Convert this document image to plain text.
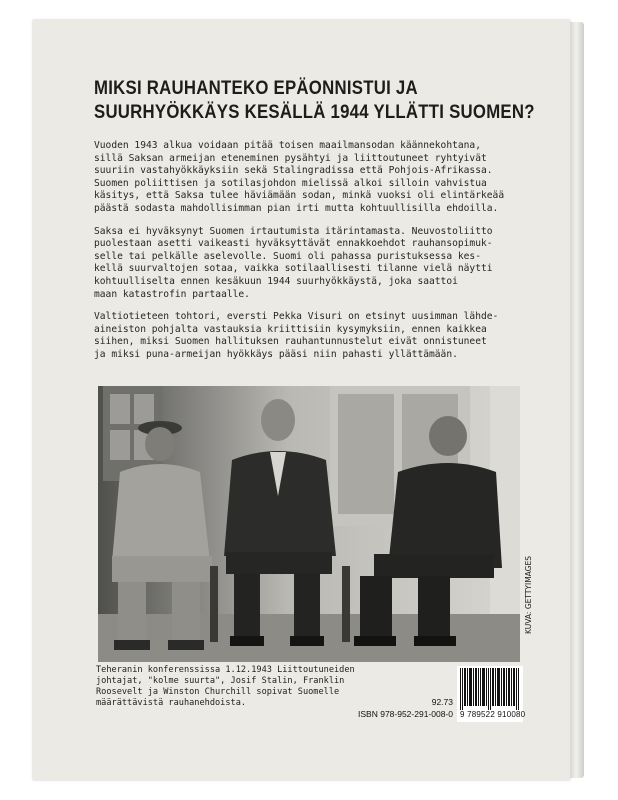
MIKSI RAUHANTEKO EPÄONNISTUI JA
SUURHYÖKKÄYS KESÄLLÄ 1944 YLLÄTTI SUOMEN?

Vuoden 1943 alkua voidaan pitää toisen maailmansodan käännekohtana,
sillä Saksan armeijan eteneminen pysähtyi ja liittoutuneet ryhtyivät
suuriin vastahyökkäyksiin sekä Stalingradissa että Pohjois-Afrikassa.
Suomen poliittisen ja sotilasjohdon mielissä alkoi silloin vahvistua
käsitys, että Saksa tulee häviämään sodan, minkä vuoksi oli elintärkeää
päästä sodasta mahdollisimman pian irti mutta kohtuullisilla ehdoilla.

Saksa ei hyväksynyt Suomen irtautumista itärintamasta. Neuvostoliitto
puolestaan asetti vaikeasti hyväksyttävät ennakkoehdot rauhansopimuk-
selle tai pelkälle aselevolle. Suomi oli pahassa puristuksessa kes-
kellä suurvaltojen sotaa, vaikka sotilaallisesti tilanne vielä näytti
kohtuulliselta ennen kesäkuun 1944 suurhyökkäystä, joka saattoi
maan katastrofin partaalle.

Valtiotieteen tohtori, eversti Pekka Visuri on etsinyt uusimman lähde-
aineiston pohjalta vastauksia kriittisiin kysymyksiin, ennen kaikkea
siihen, miksi Suomen hallituksen rauhantunnustelut eivät onnistuneet
ja miksi puna-armeijan hyökkäys pääsi niin pahasti yllättämään.

KUVA: GETTYIMAGES
Teheranin konferenssissa 1.12.1943 Liittoutuneiden
johtajat, "kolme suurta", Josif Stalin, Franklin
Roosevelt ja Winston Churchill sopivat Suomelle
määrättävistä rauhanehdoista.	92.73
ISBN 978-952-291-008-0 9 789522 910080
